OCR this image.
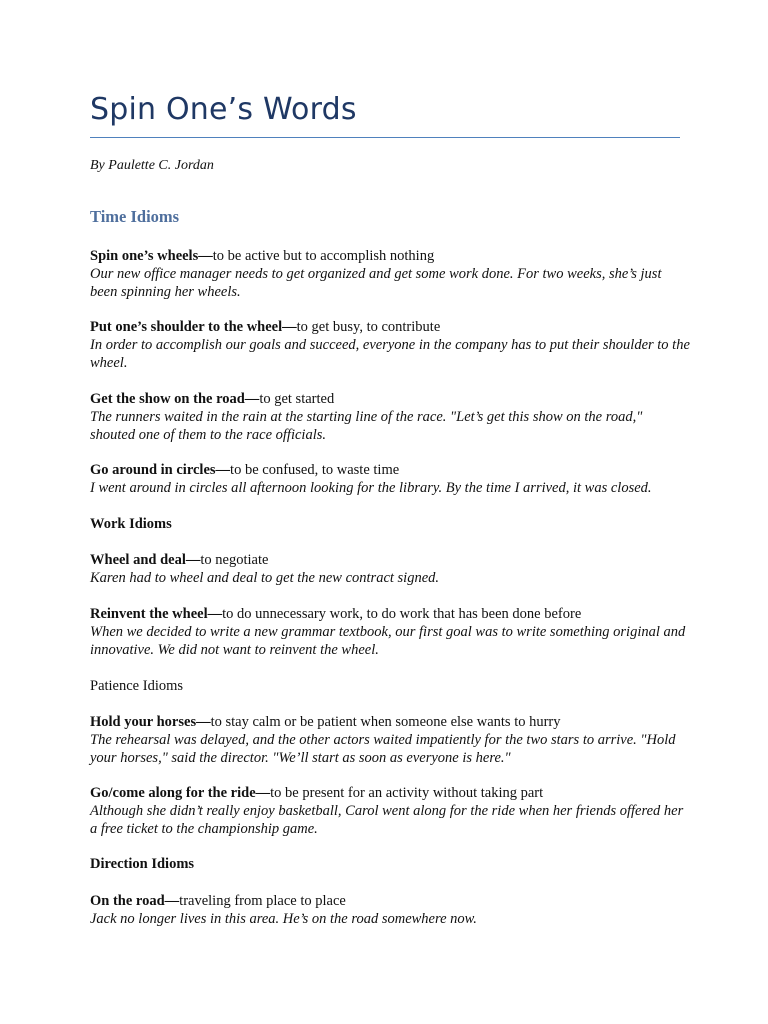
Spin One’s Words
By Paulette C. Jordan
Time Idioms
Spin one’s wheels—to be active but to accomplish nothing
Our new office manager needs to get organized and get some work done. For two weeks, she’s just been spinning her wheels.
Put one’s shoulder to the wheel—to get busy, to contribute
In order to accomplish our goals and succeed, everyone in the company has to put their shoulder to the wheel.
Get the show on the road—to get started
The runners waited in the rain at the starting line of the race. "Let’s get this show on the road," shouted one of them to the race officials.
Go around in circles—to be confused, to waste time
I went around in circles all afternoon looking for the library. By the time I arrived, it was closed.
Work Idioms
Wheel and deal—to negotiate
Karen had to wheel and deal to get the new contract signed.
Reinvent the wheel—to do unnecessary work, to do work that has been done before
When we decided to write a new grammar textbook, our first goal was to write something original and innovative. We did not want to reinvent the wheel.
Patience Idioms
Hold your horses—to stay calm or be patient when someone else wants to hurry
The rehearsal was delayed, and the other actors waited impatiently for the two stars to arrive. "Hold your horses," said the director. "We’ll start as soon as everyone is here."
Go/come along for the ride—to be present for an activity without taking part
Although she didn’t really enjoy basketball, Carol went along for the ride when her friends offered her a free ticket to the championship game.
Direction Idioms
On the road—traveling from place to place
Jack no longer lives in this area. He’s on the road somewhere now.
